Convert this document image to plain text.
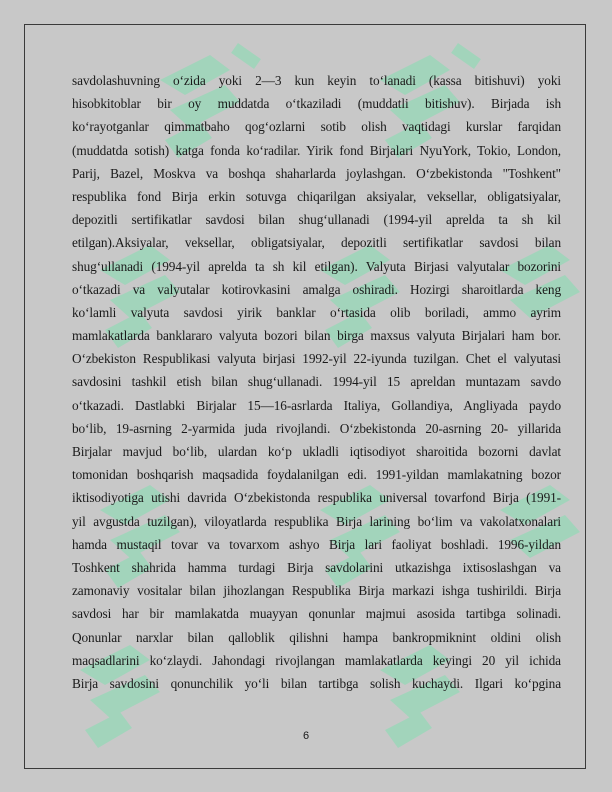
savdolashuvning o‘zida yoki 2—3 kun keyin to‘lanadi (kassa bitishuvi) yoki
hisobkitoblar bir oy muddatda o‘tkaziladi (muddatli bitishuv). Birjada ish
ko‘rayotganlar qimmatbaho qog‘ozlarni sotib olish vaqtidagi kurslar farqidan
(muddatda sotish) katga fonda ko‘radilar. Yirik fond Birjalari NyuYork, Tokio, London,
Parij, Bazel, Moskva va boshqa shaharlarda joylashgan. O‘zbekistonda "Toshkent"
respublika fond Birja erkin sotuvga chiqarilgan aksiyalar, veksellar, obligatsiyalar,
depozitli sertifikatlar savdosi bilan shug‘ullanadi (1994-yil aprelda ta sh kil
etilgan).Aksiyalar, veksellar, obligatsiyalar, depozitli sertifikatlar savdosi bilan
shug‘ullanadi (1994-yil aprelda ta sh kil etilgan). Valyuta Birjasi valyutalar bozorini
o‘tkazadi va valyutalar kotirovkasini amalga oshiradi. Hozirgi sharoitlarda keng
ko‘lamli valyuta savdosi yirik banklar o‘rtasida olib boriladi, ammo ayrim
mamlakatlarda banklararo valyuta bozori bilan birga maxsus valyuta Birjalari ham bor.
O‘zbekiston Respublikasi valyuta birjasi 1992-yil 22-iyunda tuzilgan. Chet el valyutasi
savdosini tashkil etish bilan shug‘ullanadi. 1994-yil 15 apreldan muntazam savdo
o‘tkazadi. Dastlabki Birjalar 15—16-asrlarda Italiya, Gollandiya, Angliyada paydo
bo‘lib, 19-asrning 2-yarmida juda rivojlandi. O‘zbekistonda 20-asrning 20- yillarida
Birjalar mavjud bo‘lib, ulardan ko‘p ukladli iqtisodiyot sharoitida bozorni davlat
tomonidan boshqarish maqsadida foydalanilgan edi. 1991-yildan mamlakatning bozor
iktisodiyotiga utishi davrida O‘zbekistonda respublika universal tovarfond Birja (1991-
yil avgustda tuzilgan), viloyatlarda respublika Birja larining bo‘lim va vakolatxonalari
hamda mustaqil tovar va tovarxom ashyo Birja lari faoliyat boshladi. 1996-yildan
Toshkent shahrida hamma turdagi Birja savdolarini utkazishga ixtisoslashgan va
zamonaviy vositalar bilan jihozlangan Respublika Birja markazi ishga tushirildi. Birja
savdosi har bir mamlakatda muayyan qonunlar majmui asosida tartibga solinadi.
Qonunlar narxlar bilan qalloblik qilishni hampa bankropmiknint oldini olish
maqsadlarini ko‘zlaydi. Jahondagi rivojlangan mamlakatlarda keyingi 20 yil ichida
Birja savdosini qonunchilik yo‘li bilan tartibga solish kuchaydi. Ilgari ko‘pgina
6
